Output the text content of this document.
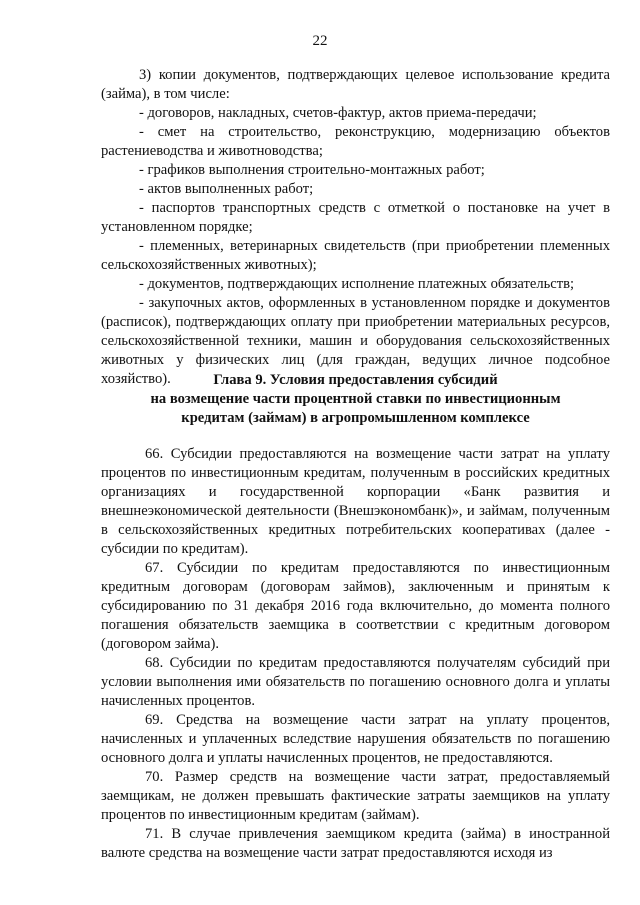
22

3) копии документов, подтверждающих целевое использование кредита (займа), в том числе:

- договоров, накладных, счетов-фактур, актов приема-передачи;

- смет на строительство, реконструкцию, модернизацию объектов растениеводства и животноводства;

- графиков выполнения строительно-монтажных работ;

- актов выполненных работ;

- паспортов транспортных средств с отметкой о постановке на учет в установленном порядке;

- племенных, ветеринарных свидетельств (при приобретении племенных сельскохозяйственных животных);

- документов, подтверждающих исполнение платежных обязательств;

- закупочных актов, оформленных в установленном порядке и документов (расписок), подтверждающих оплату при приобретении материальных ресурсов, сельскохозяйственной техники, машин и оборудования сельскохозяйственных животных у физических лиц (для граждан, ведущих личное подсобное хозяйство).	Глава 9. Условия предоставления субсидий
на возмещение части процентной ставки по инвестиционным
кредитам (займам) в агропромышленном комплексе

66. Субсидии предоставляются на возмещение части затрат на уплату процентов по инвестиционным кредитам, полученным в российских кредитных организациях и государственной корпорации «Банк развития и внешнеэкономической деятельности (Внешэкономбанк)», и займам, полученным в сельскохозяйственных кредитных потребительских кооперативах (далее - субсидии по кредитам).

67. Субсидии по кредитам предоставляются по инвестиционным кредитным договорам (договорам займов), заключенным и принятым к субсидированию по 31 декабря 2016 года включительно, до момента полного погашения обязательств заемщика в соответствии с кредитным договором (договором займа).

68. Субсидии по кредитам предоставляются получателям субсидий при условии выполнения ими обязательств по погашению основного долга и уплаты начисленных процентов.

69. Средства на возмещение части затрат на уплату процентов, начисленных и уплаченных вследствие нарушения обязательств по погашению основного долга и уплаты начисленных процентов, не предоставляются.

70. Размер средств на возмещение части затрат, предоставляемый заемщикам, не должен превышать фактические затраты заемщиков на уплату процентов по инвестиционным кредитам (займам).

71. В случае привлечения заемщиком кредита (займа) в иностранной валюте средства на возмещение части затрат предоставляются исходя из
